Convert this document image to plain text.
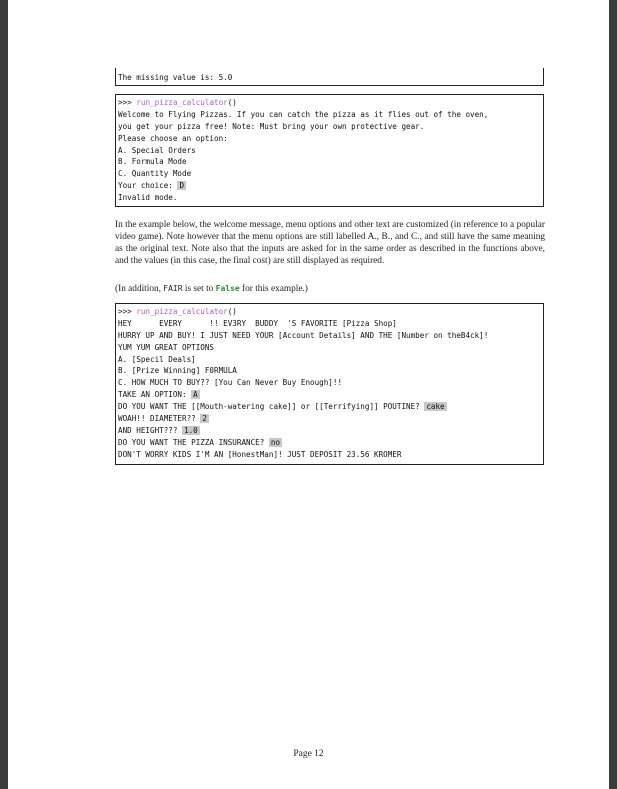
The missing value is: 5.0
>>> run_pizza_calculator()
Welcome to Flying Pizzas. If you can catch the pizza as it flies out of the oven,
you get your pizza free! Note: Must bring your own protective gear.
Please choose an option:
A. Special Orders
B. Formula Mode
C. Quantity Mode
Your choice: D
Invalid mode.

In the example below, the welcome message, menu options and other text are customized (in reference to a popular video game). Note however that the menu options are still labelled A., B., and C., and still have the same meaning as the original text. Note also that the inputs are asked for in the same order as described in the functions above, and the values (in this case, the final cost) are still displayed as required.

(In addition, FAIR is set to False for this example.)

>>> run_pizza_calculator()
HEY      EVERY      !! EV3RY  BUDDY  'S FAVORITE [Pizza Shop]
HURRY UP AND BUY! I JUST NEED YOUR [Account Details] AND THE [Number on theB4ck]!
YUM YUM GREAT OPTIONS
A. [Specil Deals]
B. [Prize Winning] F0RMULA
C. HOW MUCH TO BUY?? [You Can Never Buy Enough]!!
TAKE AN OPTION: A
DO YOU WANT THE [[Mouth-watering cake]] or [[Terrifying]] POUTINE? cake
WOAH!! DIAMETER?? 2
AND HEIGHT??? 1.0
DO YOU WANT THE PIZZA INSURANCE? no
DON'T WORRY KIDS I'M AN [HonestMan]! JUST DEPOSIT 23.56 KROMER
Page 12
